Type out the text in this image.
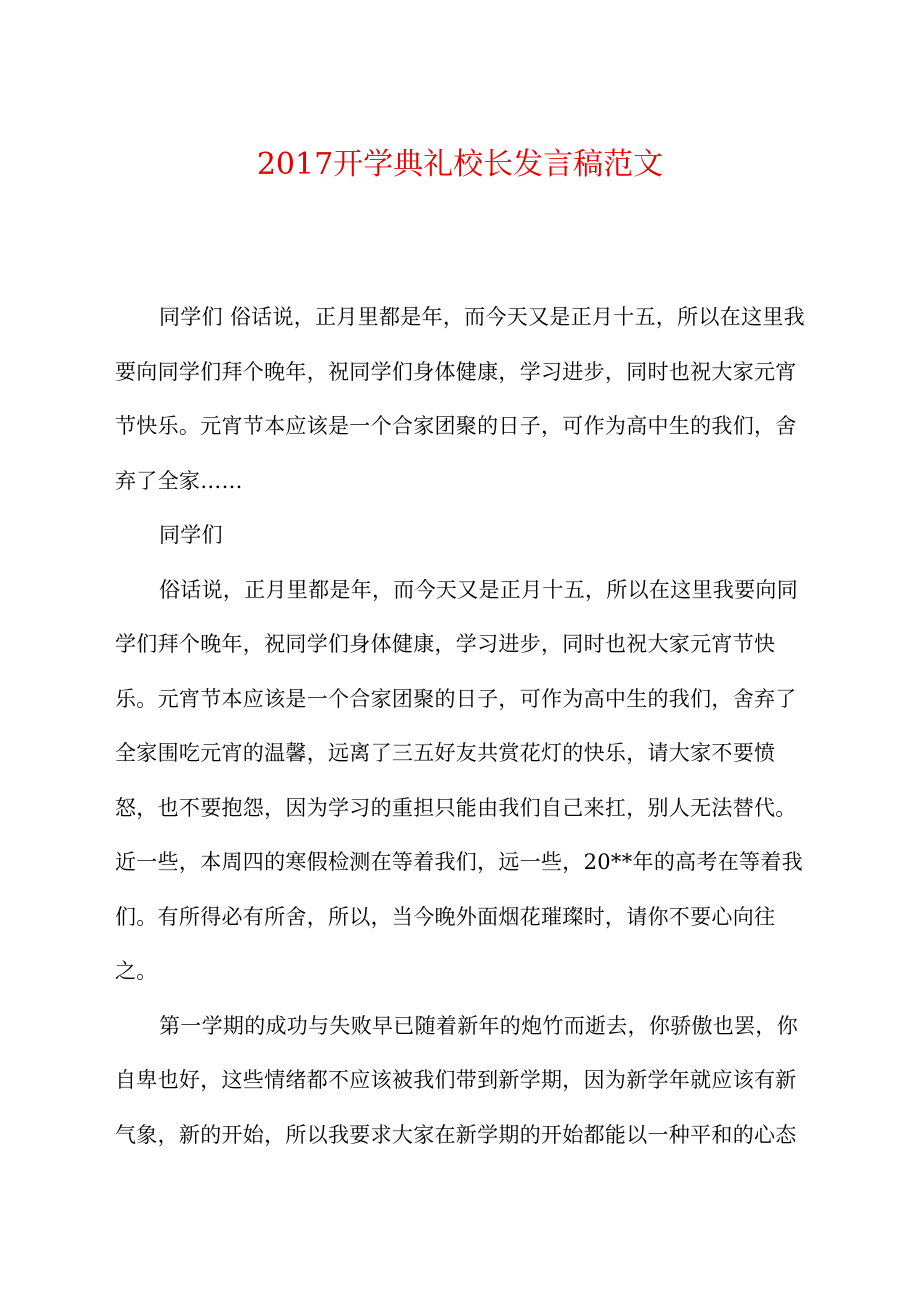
2017开学典礼校长发言稿范文
同学们 俗话说，正月里都是年，而今天又是正月十五，所以在这里我
要向同学们拜个晚年，祝同学们身体健康，学习进步，同时也祝大家元宵
节快乐。元宵节本应该是一个合家团聚的日子，可作为高中生的我们，舍
弃了全家……
同学们
俗话说，正月里都是年，而今天又是正月十五，所以在这里我要向同
学们拜个晚年，祝同学们身体健康，学习进步，同时也祝大家元宵节快
乐。元宵节本应该是一个合家团聚的日子，可作为高中生的我们，舍弃了
全家围吃元宵的温馨，远离了三五好友共赏花灯的快乐，请大家不要愤
怒，也不要抱怨，因为学习的重担只能由我们自己来扛，别人无法替代。
近一些，本周四的寒假检测在等着我们，远一些，20**年的高考在等着我
们。有所得必有所舍，所以，当今晚外面烟花璀璨时，请你不要心向往
之。
第一学期的成功与失败早已随着新年的炮竹而逝去，你骄傲也罢，你
自卑也好，这些情绪都不应该被我们带到新学期，因为新学年就应该有新
气象，新的开始，所以我要求大家在新学期的开始都能以一种平和的心态
